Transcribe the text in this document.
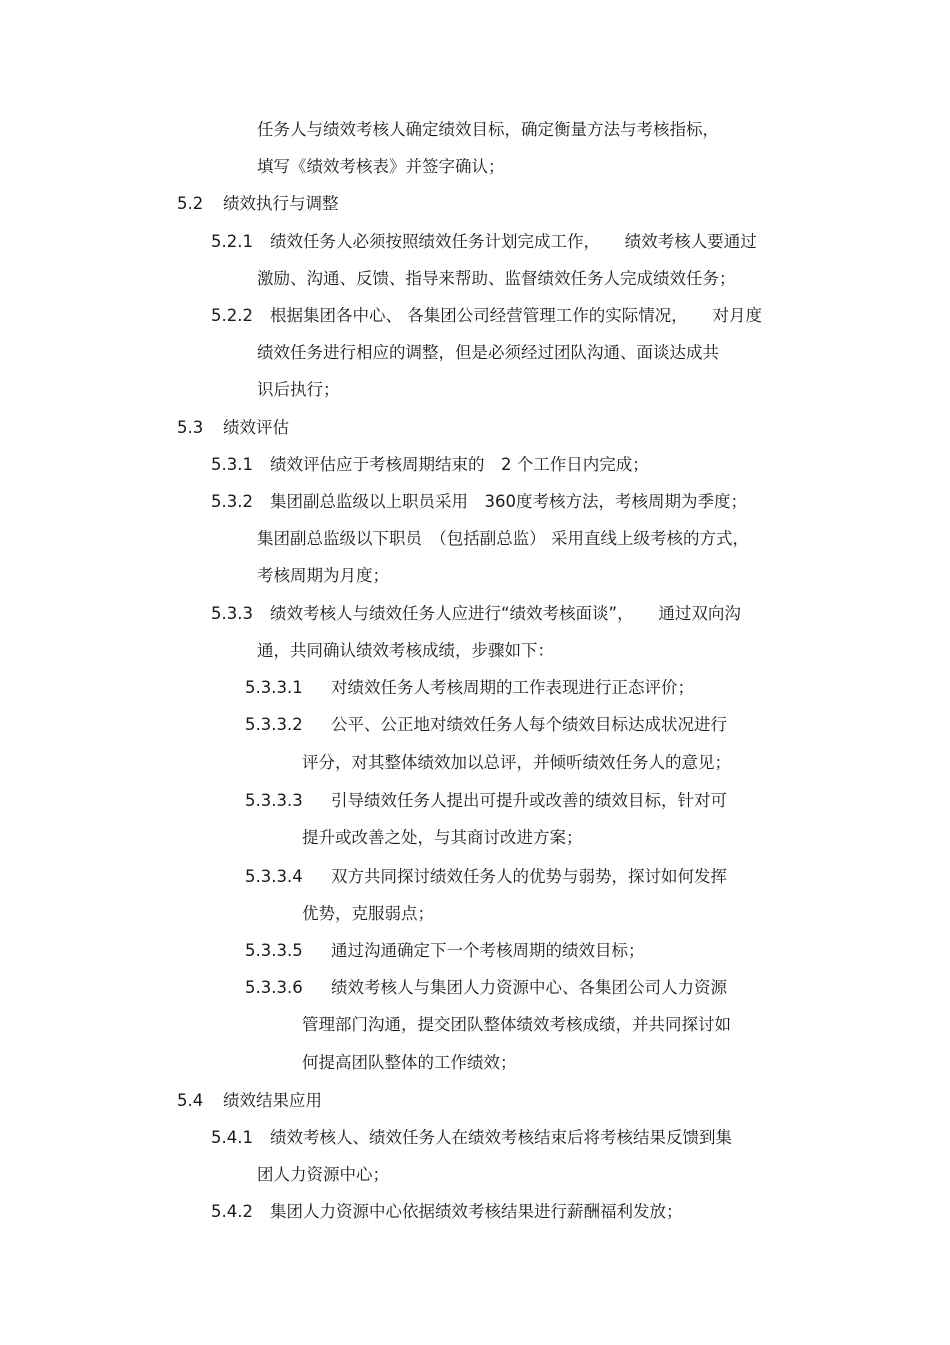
任务人与绩效考核人确定绩效目标，确定衡量方法与考核指标，
填写《绩效考核表》并签字确认；
5.2 绩效执行与调整
5.2.1 绩效任务人必须按照绩效任务计划完成工作，　　绩效考核人要通过
激励、沟通、反馈、指导来帮助、监督绩效任务人完成绩效任务；
5.2.2 根据集团各中心、 各集团公司经营管理工作的实际情况，　　对月度
绩效任务进行相应的调整，但是必须经过团队沟通、面谈达成共
识后执行；
5.3 绩效评估
5.3.1 绩效评估应于考核周期结束的　2 个工作日内完成；
5.3.2 集团副总监级以上职员采用　360度考核方法，考核周期为季度；
集团副总监级以下职员　（包括副总监） 采用直线上级考核的方式，
考核周期为月度；
5.3.3 绩效考核人与绩效任务人应进行“绩效考核面谈”，　　通过双向沟
通，共同确认绩效考核成绩，步骤如下：
5.3.3.1 对绩效任务人考核周期的工作表现进行正态评价；
5.3.3.2 公平、公正地对绩效任务人每个绩效目标达成状况进行
评分，对其整体绩效加以总评，并倾听绩效任务人的意见；
5.3.3.3 引导绩效任务人提出可提升或改善的绩效目标，针对可
提升或改善之处，与其商讨改进方案；
5.3.3.4 双方共同探讨绩效任务人的优势与弱势，探讨如何发挥
优势，克服弱点；
5.3.3.5 通过沟通确定下一个考核周期的绩效目标；
5.3.3.6 绩效考核人与集团人力资源中心、各集团公司人力资源
管理部门沟通，提交团队整体绩效考核成绩，并共同探讨如
何提高团队整体的工作绩效；
5.4 绩效结果应用
5.4.1 绩效考核人、绩效任务人在绩效考核结束后将考核结果反馈到集
团人力资源中心；
5.4.2 集团人力资源中心依据绩效考核结果进行薪酬福利发放；
